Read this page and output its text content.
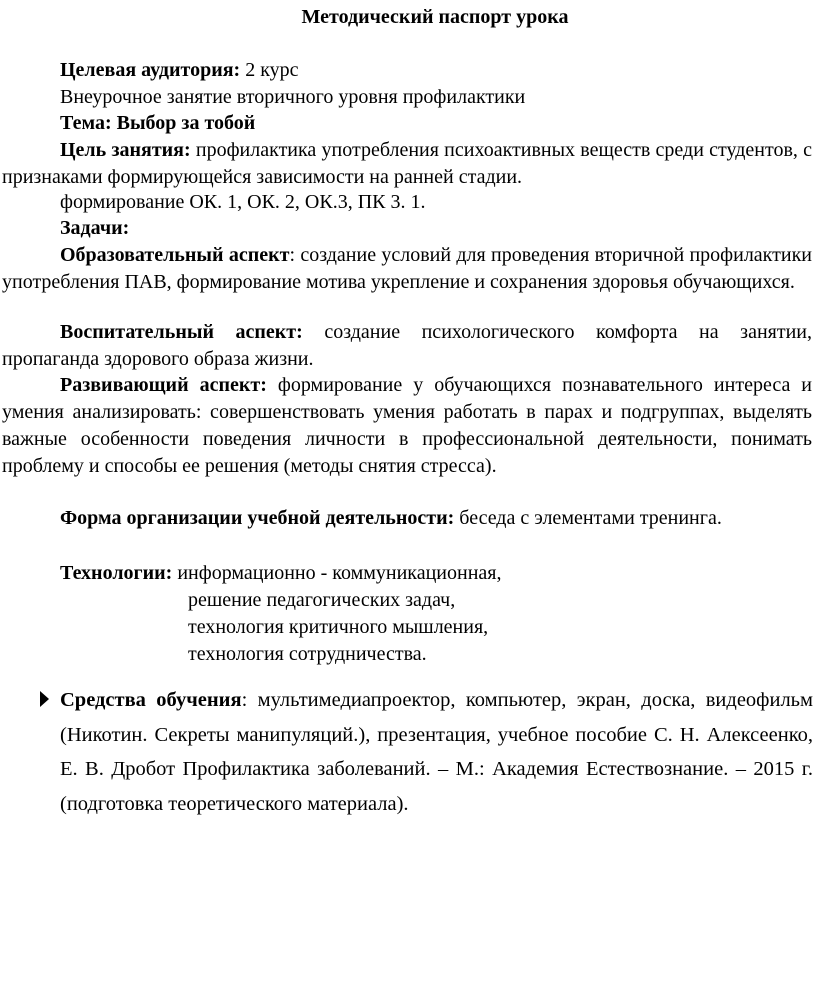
Методический паспорт урока

Целевая аудитория: 2 курс

Внеурочное занятие вторичного уровня профилактики

Тема: Выбор за тобой

Цель занятия: профилактика употребления психоактивных веществ среди студентов, с признаками формирующейся зависимости на ранней стадии.

формирование ОК. 1, ОК. 2, ОК.3, ПК 3. 1.

Задачи:

Образовательный аспект: создание условий для проведения вторичной профилактики употребления ПАВ, формирование мотива укрепление и сохранения здоровья обучающихся.

Воспитательный аспект: создание психологического комфорта на занятии, пропаганда здорового образа жизни.

Развивающий аспект: формирование у обучающихся познавательного интереса и умения анализировать: совершенствовать умения работать в парах и подгруппах, выделять важные особенности поведения личности в профессиональной деятельности, понимать проблему и способы ее решения (методы снятия стресса).

Форма организации учебной деятельности: беседа с элементами тренинга.

Технологии: информационно - коммуникационная,
решение педагогических задач,
технология критичного мышления,
технология сотрудничества.
Средства обучения: мультимедиапроектор, компьютер, экран, доска, видеофильм (Никотин. Секреты манипуляций.), презентация, учебное пособие С. Н. Алексеенко, Е. В. Дробот Профилактика заболеваний. – М.: Академия Естествознание. – 2015 г. (подготовка теоретического материала).
